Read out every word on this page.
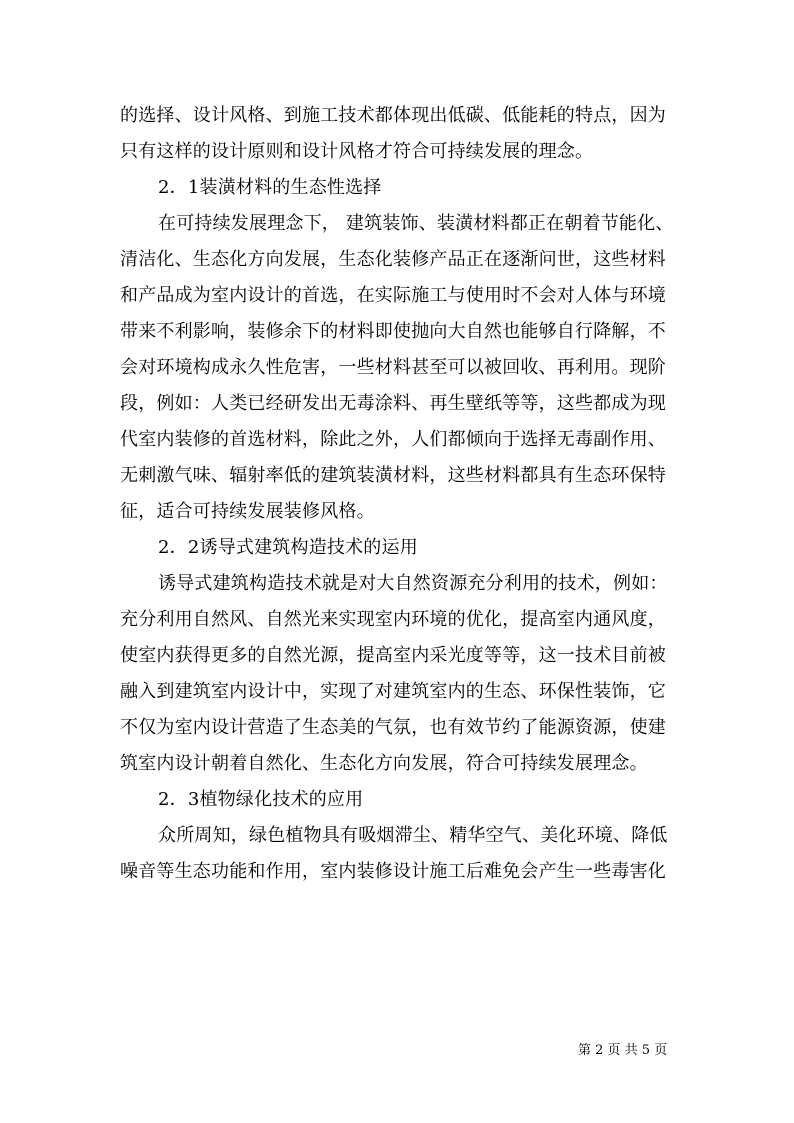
的选择、设计风格、到施工技术都体现出低碳、低能耗的特点，因为
只有这样的设计原则和设计风格才符合可持续发展的理念。
2．1装潢材料的生态性选择
在可持续发展理念下， 建筑装饰、装潢材料都正在朝着节能化、
清洁化、生态化方向发展，生态化装修产品正在逐渐问世，这些材料
和产品成为室内设计的首选，在实际施工与使用时不会对人体与环境
带来不利影响，装修余下的材料即使抛向大自然也能够自行降解，不
会对环境构成永久性危害，一些材料甚至可以被回收、再利用。现阶
段，例如：人类已经研发出无毒涂料、再生壁纸等等，这些都成为现
代室内装修的首选材料，除此之外，人们都倾向于选择无毒副作用、
无刺激气味、辐射率低的建筑装潢材料，这些材料都具有生态环保特
征，适合可持续发展装修风格。
2．2诱导式建筑构造技术的运用
诱导式建筑构造技术就是对大自然资源充分利用的技术，例如：
充分利用自然风、自然光来实现室内环境的优化，提高室内通风度，
使室内获得更多的自然光源，提高室内采光度等等，这一技术目前被
融入到建筑室内设计中，实现了对建筑室内的生态、环保性装饰，它
不仅为室内设计营造了生态美的气氛，也有效节约了能源资源，使建
筑室内设计朝着自然化、生态化方向发展，符合可持续发展理念。
2．3植物绿化技术的应用
众所周知，绿色植物具有吸烟滞尘、精华空气、美化环境、降低
噪音等生态功能和作用，室内装修设计施工后难免会产生一些毒害化
第 2 页 共 5 页
